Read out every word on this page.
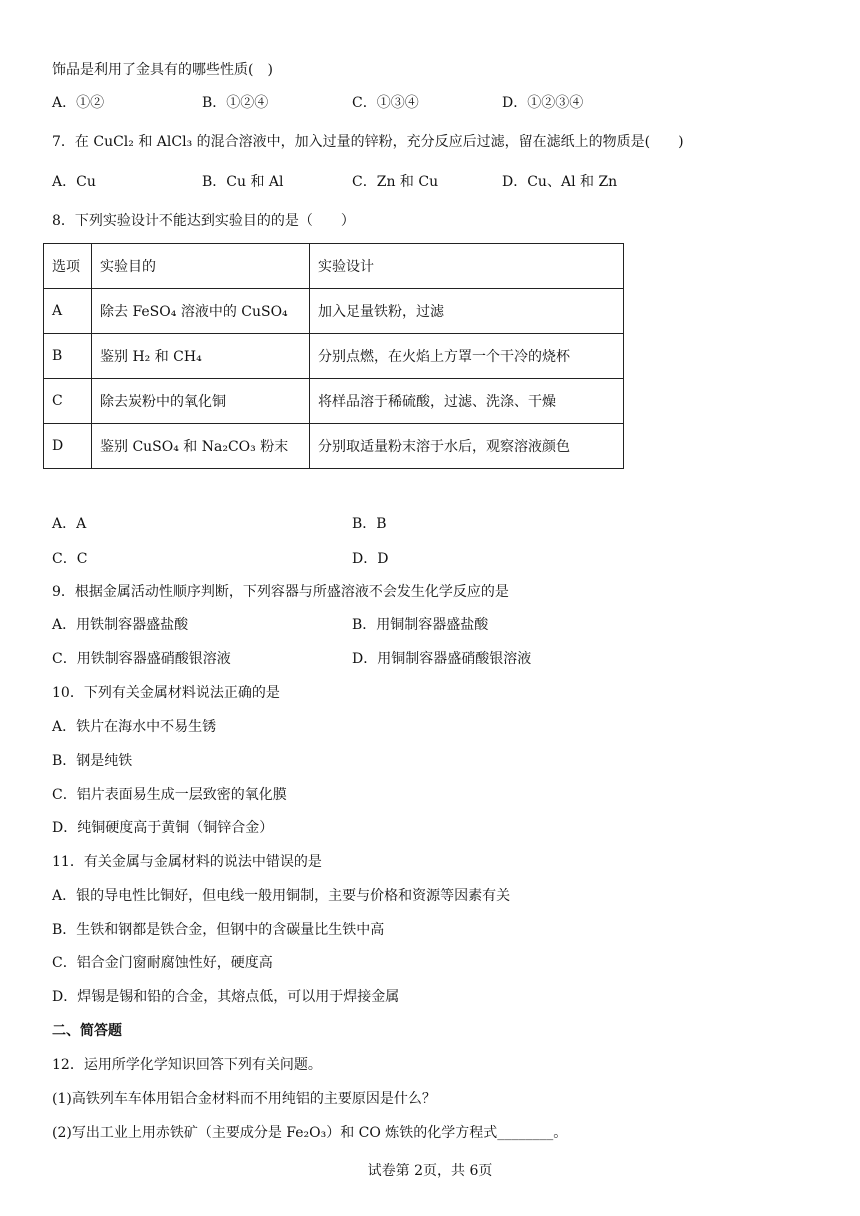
饰品是利用了金具有的哪些性质(　)
A．①②	B．①②④	C．①③④	D．①②③④
7．在 CuCl₂ 和 AlCl₃ 的混合溶液中，加入过量的锌粉，充分反应后过滤，留在滤纸上的物质是(　　)
A．Cu	B．Cu 和 Al	C．Zn 和 Cu	D．Cu、Al 和 Zn
8．下列实验设计不能达到实验目的的是（　　）
选项	实验目的	实验设计
A	除去 FeSO₄ 溶液中的 CuSO₄	加入足量铁粉，过滤
B	鉴别 H₂ 和 CH₄	分别点燃，在火焰上方罩一个干冷的烧杯
C	除去炭粉中的氧化铜	将样品溶于稀硫酸，过滤、洗涤、干燥
D	鉴别 CuSO₄ 和 Na₂CO₃ 粉末	分别取适量粉末溶于水后，观察溶液颜色
A．A	B．B
C．C	D．D
9．根据金属活动性顺序判断，下列容器与所盛溶液不会发生化学反应的是
A．用铁制容器盛盐酸	B．用铜制容器盛盐酸
C．用铁制容器盛硝酸银溶液	D．用铜制容器盛硝酸银溶液
10．下列有关金属材料说法正确的是
A．铁片在海水中不易生锈
B．钢是纯铁
C．铝片表面易生成一层致密的氧化膜
D．纯铜硬度高于黄铜（铜锌合金）
11．有关金属与金属材料的说法中错误的是
A．银的导电性比铜好，但电线一般用铜制，主要与价格和资源等因素有关
B．生铁和钢都是铁合金，但钢中的含碳量比生铁中高
C．铝合金门窗耐腐蚀性好，硬度高
D．焊锡是锡和铅的合金，其熔点低，可以用于焊接金属
二、简答题
12．运用所学化学知识回答下列有关问题。
(1)高铁列车车体用铝合金材料而不用纯铝的主要原因是什么？
(2)写出工业上用赤铁矿（主要成分是 Fe₂O₃）和 CO 炼铁的化学方程式________。
试卷第 2页，共 6页
